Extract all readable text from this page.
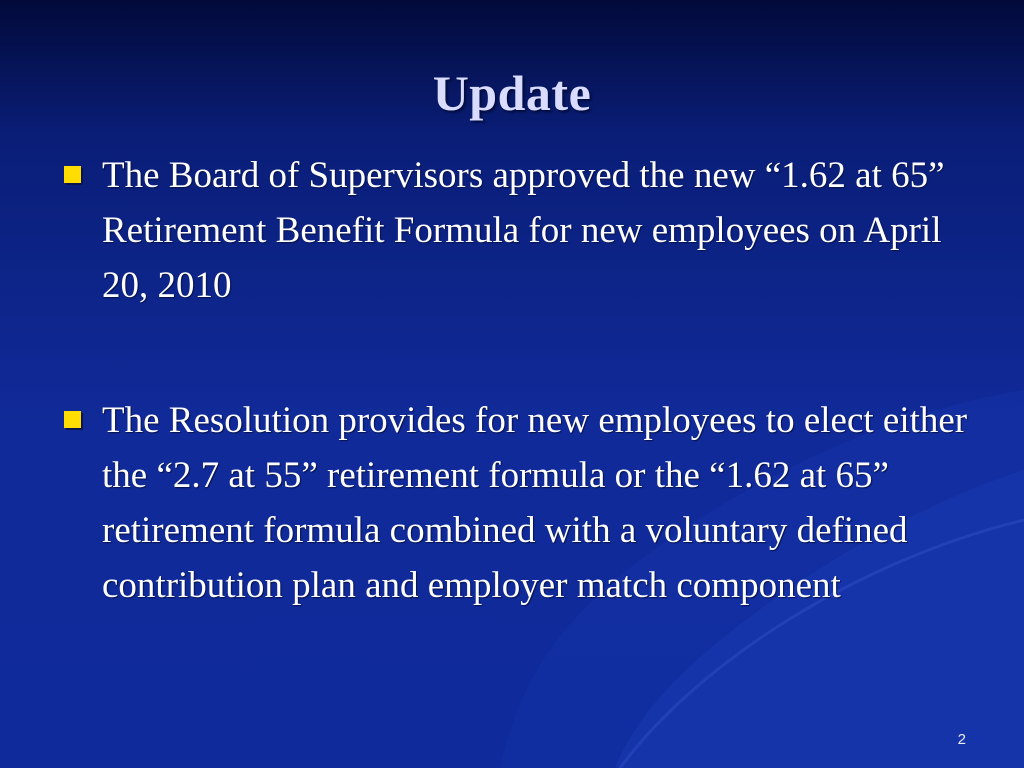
Update
The Board of Supervisors approved the new “1.62 at 65” Retirement Benefit Formula for new employees on April 20, 2010
The Resolution provides for new employees to elect either the “2.7 at 55” retirement formula or the “1.62 at 65” retirement formula combined with a voluntary defined contribution plan and employer match component
2
